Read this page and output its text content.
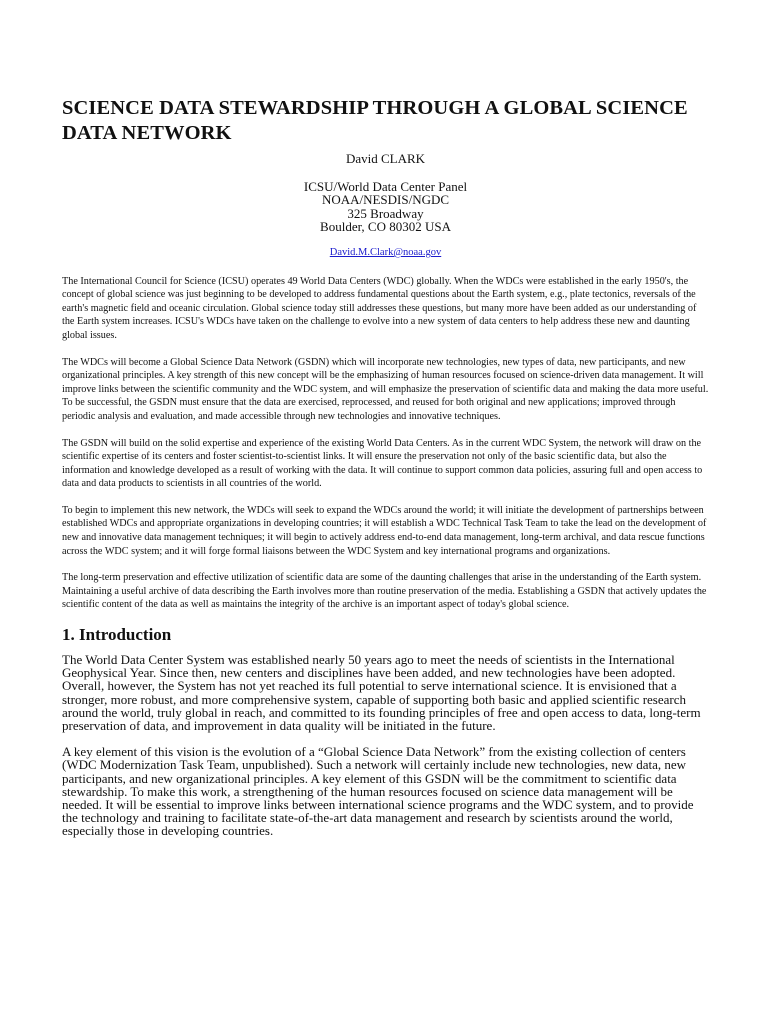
SCIENCE DATA STEWARDSHIP THROUGH A GLOBAL SCIENCE DATA NETWORK

David CLARK

ICSU/World Data Center Panel

NOAA/NESDIS/NGDC

325 Broadway

Boulder, CO 80302 USA

David.M.Clark@noaa.gov

The International Council for Science (ICSU) operates 49 World Data Centers (WDC) globally. When the WDCs were established in the early 1950's, the concept of global science was just beginning to be developed to address fundamental questions about the Earth system, e.g., plate tectonics, reversals of the earth's magnetic field and oceanic circulation. Global science today still addresses these questions, but many more have been added as our understanding of the Earth system increases. ICSU's WDCs have taken on the challenge to evolve into a new system of data centers to help address these new and daunting global issues.

The WDCs will become a Global Science Data Network (GSDN) which will incorporate new technologies, new types of data, new participants, and new organizational principles. A key strength of this new concept will be the emphasizing of human resources focused on science-driven data management. It will improve links between the scientific community and the WDC system, and will emphasize the preservation of scientific data and making the data more useful. To be successful, the GSDN must ensure that the data are exercised, reprocessed, and reused for both original and new applications; improved through periodic analysis and evaluation, and made accessible through new technologies and innovative techniques.

The GSDN will build on the solid expertise and experience of the existing World Data Centers. As in the current WDC System, the network will draw on the scientific expertise of its centers and foster scientist-to-scientist links. It will ensure the preservation not only of the basic scientific data, but also the information and knowledge developed as a result of working with the data. It will continue to support common data policies, assuring full and open access to data and data products to scientists in all countries of the world.

To begin to implement this new network, the WDCs will seek to expand the WDCs around the world; it will initiate the development of partnerships between established WDCs and appropriate organizations in developing countries; it will establish a WDC Technical Task Team to take the lead on the development of new and innovative data management techniques; it will begin to actively address end-to-end data management, long-term archival, and data rescue functions across the WDC system; and it will forge formal liaisons between the WDC System and key international programs and organizations.

The long-term preservation and effective utilization of scientific data are some of the daunting challenges that arise in the understanding of the Earth system. Maintaining a useful archive of data describing the Earth involves more than routine preservation of the media. Establishing a GSDN that actively updates the scientific content of the data as well as maintains the integrity of the archive is an important aspect of today's global science.

1. Introduction

The World Data Center System was established nearly 50 years ago to meet the needs of scientists in the International Geophysical Year. Since then, new centers and disciplines have been added, and new technologies have been adopted. Overall, however, the System has not yet reached its full potential to serve international science. It is envisioned that a stronger, more robust, and more comprehensive system, capable of supporting both basic and applied scientific research around the world, truly global in reach, and committed to its founding principles of free and open access to data, long-term preservation of data, and improvement in data quality will be initiated in the future.

A key element of this vision is the evolution of a “Global Science Data Network” from the existing collection of centers (WDC Modernization Task Team, unpublished). Such a network will certainly include new technologies, new data, new participants, and new organizational principles. A key element of this GSDN will be the commitment to scientific data stewardship. To make this work, a strengthening of the human resources focused on science data management will be needed. It will be essential to improve links between international science programs and the WDC system, and to provide the technology and training to facilitate state-of-the-art data management and research by scientists around the world, especially those in developing countries.
